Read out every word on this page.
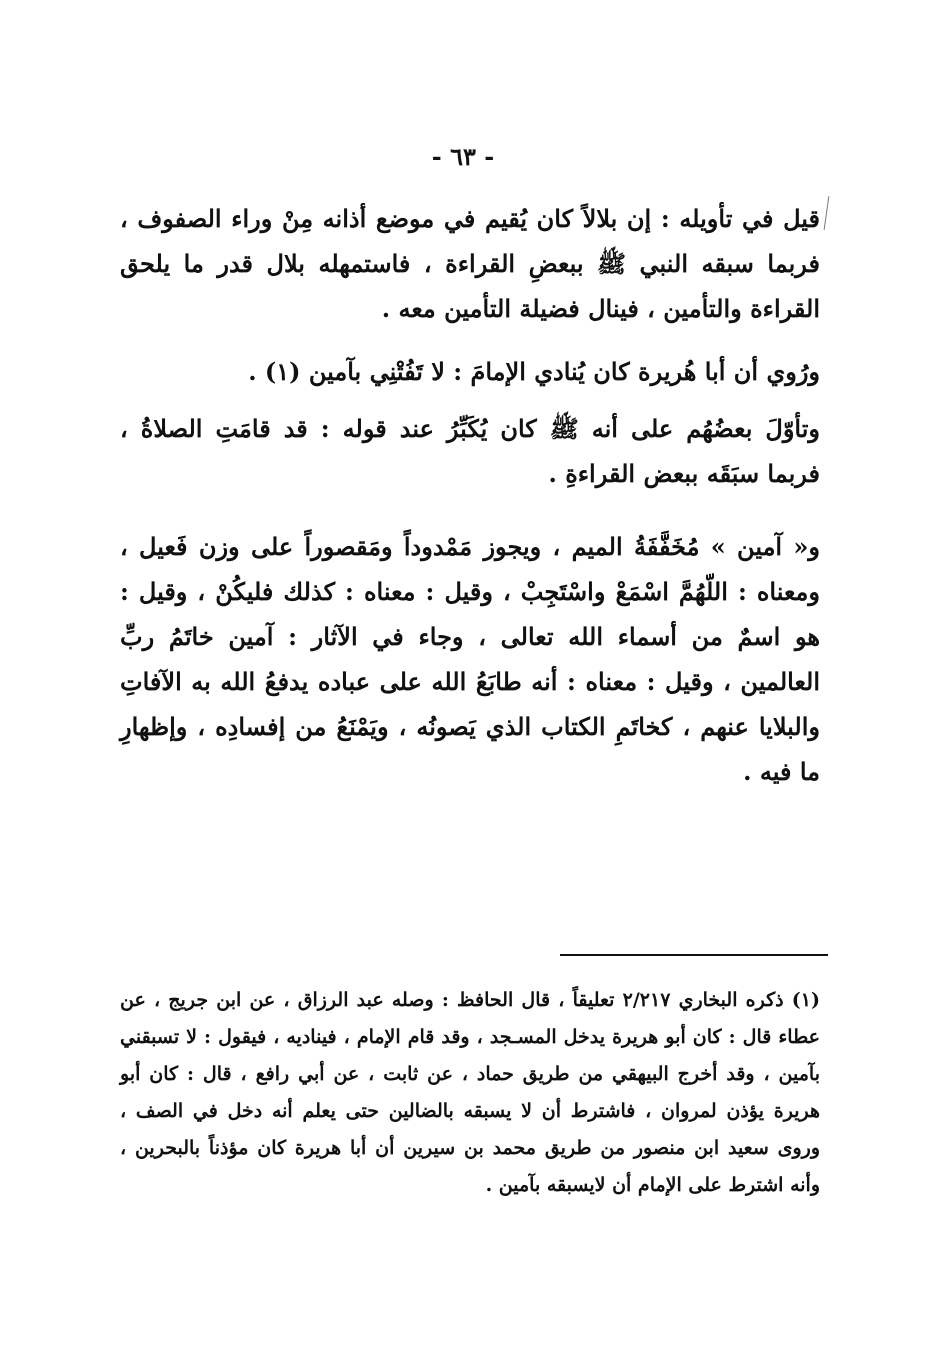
- ٦٣ -

قيل في تأويله : إن بلالاً كان يُقيم في موضع أذانه مِنْ وراء الصفوف ، فربما سبقه النبي ﷺ ببعضِ القراءة ، فاستمهله بلال قدر ما يلحق القراءة والتأمين ، فينال فضيلة التأمين معه .

ورُوي أن أبا هُريرة كان يُنادي الإمامَ : لا تَفُتْنِي بآمين (١) .

وتأوّلَ بعضُهُم على أنه ﷺ كان يُكَبِّرُ عند قوله : قد قامَتِ الصلاةُ ، فربما سبَقَه ببعض القراءةِ .

و« آمين » مُخَفَّفَةُ الميم ، ويجوز مَمْدوداً ومَقصوراً على وزن فَعيل ، ومعناه : اللّهُمَّ اسْمَعْ واسْتَجِبْ ، وقيل : معناه : كذلك فليكُنْ ، وقيل : هو اسمٌ من أسماء الله تعالى ، وجاء في الآثار : آمين خاتَمُ ربِّ العالمين ، وقيل : معناه : أنه طابَعُ الله على عباده يدفعُ الله به الآفاتِ والبلايا عنهم ، كخاتَمِ الكتاب الذي يَصونُه ، ويَمْنَعُ من إفسادِه ، وإظهارِ ما فيه .

(١) ذكره البخاري ٢/٢١٧ تعليقاً ، قال الحافظ : وصله عبد الرزاق ، عن ابن جريج ، عن عطاء قال : كان أبو هريرة يدخل المسـجد ، وقد قام الإمام ، فيناديه ، فيقول : لا تسبقني بآمين ، وقد أخرج البيهقي من طريق حماد ، عن ثابت ، عن أبي رافع ، قال : كان أبو هريرة يؤذن لمروان ، فاشترط أن لا يسبقه بالضالين حتى يعلم أنه دخل في الصف ، وروى سعيد ابن منصور من طريق محمد بن سيرين أن أبا هريرة كان مؤذناً بالبحرين ، وأنه اشترط على الإمام أن لايسبقه بآمين .
